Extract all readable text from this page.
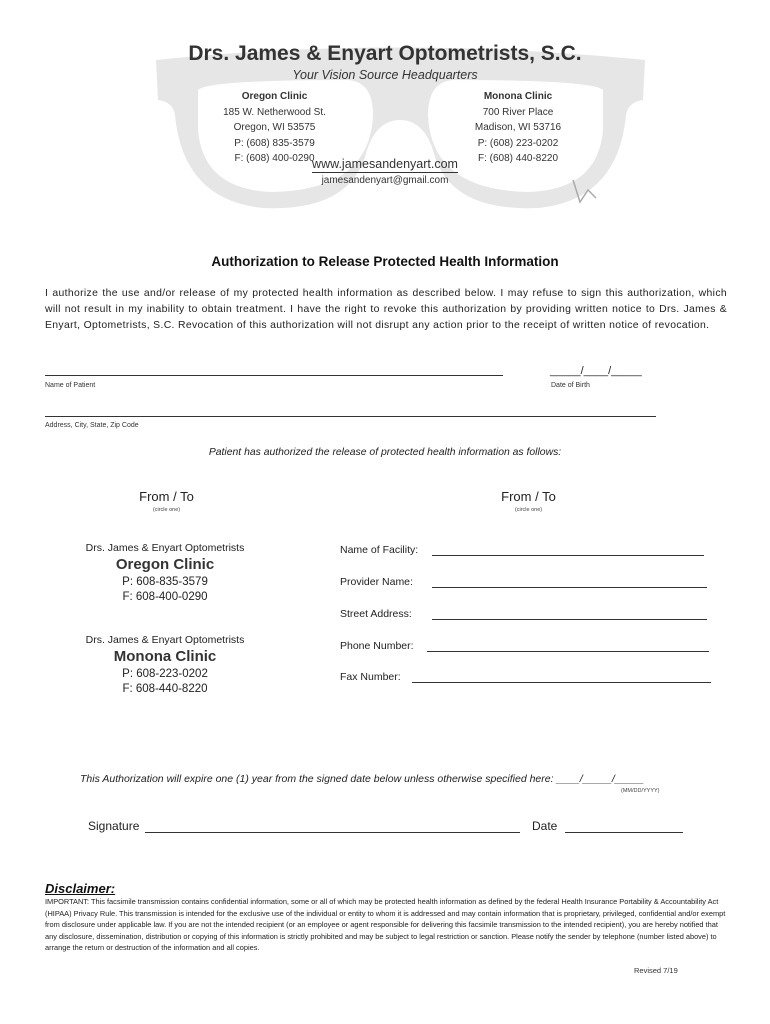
Drs. James & Enyart Optometrists, S.C.
Your Vision Source Headquarters
Oregon Clinic
185 W. Netherwood St.
Oregon, WI 53575
P: (608) 835-3579
F: (608) 400-0290
Monona Clinic
700 River Place
Madison, WI 53716
P: (608) 223-0202
F: (608) 440-8220
www.jamesandenyart.com
jamesandenyart@gmail.com
Authorization to Release Protected Health Information
I authorize the use and/or release of my protected health information as described below. I may refuse to sign this authorization, which will not result in my inability to obtain treatment. I have the right to revoke this authorization by providing written notice to Drs. James & Enyart, Optometrists, S.C. Revocation of this authorization will not disrupt any action prior to the receipt of written notice of revocation.
Name of Patient
_____/____/_____
Date of Birth
Address, City, State, Zip Code
Patient has authorized the release of protected health information as follows:
From / To
(circle one)
From / To
(circle one)
Drs. James & Enyart Optometrists
Oregon Clinic
P: 608-835-3579
F: 608-400-0290
Drs. James & Enyart Optometrists
Monona Clinic
P: 608-223-0202
F: 608-440-8220
Name of Facility:
Provider Name:
Street Address:
Phone Number:
Fax Number:
This Authorization will expire one (1) year from the signed date below unless otherwise specified here: ____/_____/_____
(MM/DD/YYYY)
Signature	Date
Disclaimer:
IMPORTANT: This facsimile transmission contains confidential information, some or all of which may be protected health information as defined by the federal Health Insurance Portability & Accountability Act (HIPAA) Privacy Rule. This transmission is intended for the exclusive use of the individual or entity to whom it is addressed and may contain information that is proprietary, privileged, confidential and/or exempt from disclosure under applicable law. If you are not the intended recipient (or an employee or agent responsible for delivering this facsimile transmission to the intended recipient), you are hereby notified that any disclosure, dissemination, distribution or copying of this information is strictly prohibited and may be subject to legal restriction or sanction. Please notify the sender by telephone (number listed above) to arrange the return or destruction of the information and all copies.
Revised 7/19
